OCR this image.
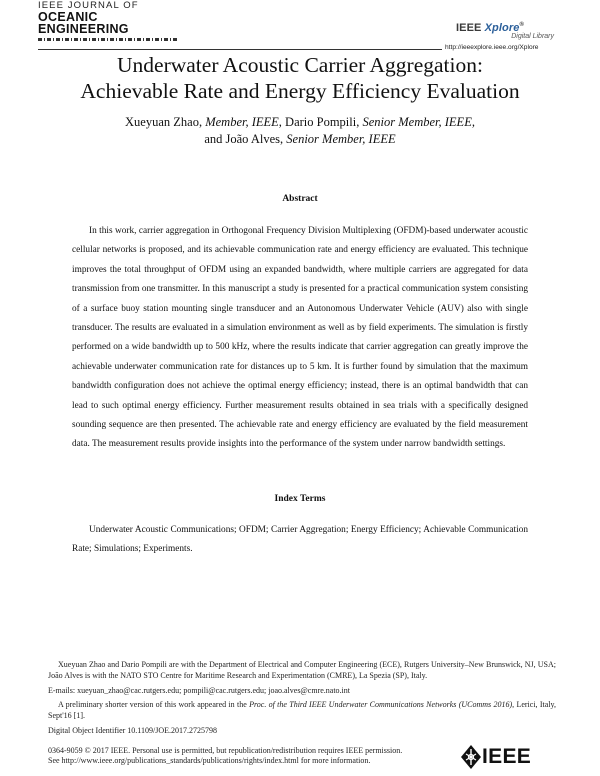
IEEE JOURNAL OF
OCEANIC
ENGINEERING	IEEE Xplore®
Digital Library
http://ieeexplore.ieee.org/Xplore
Underwater Acoustic Carrier Aggregation:
Achievable Rate and Energy Efficiency Evaluation
Xueyuan Zhao, Member, IEEE, Dario Pompili, Senior Member, IEEE,
and João Alves, Senior Member, IEEE
Abstract
In this work, carrier aggregation in Orthogonal Frequency Division Multiplexing (OFDM)-based underwater acoustic cellular networks is proposed, and its achievable communication rate and energy efficiency are evaluated. This technique improves the total throughput of OFDM using an expanded bandwidth, where multiple carriers are aggregated for data transmission from one transmitter. In this manuscript a study is presented for a practical communication system consisting of a surface buoy station mounting single transducer and an Autonomous Underwater Vehicle (AUV) also with single transducer. The results are evaluated in a simulation environment as well as by field experiments. The simulation is firstly performed on a wide bandwidth up to 500 kHz, where the results indicate that carrier aggregation can greatly improve the achievable underwater communication rate for distances up to 5 km. It is further found by simulation that the maximum bandwidth configuration does not achieve the optimal energy efficiency; instead, there is an optimal bandwidth that can lead to such optimal energy efficiency. Further measurement results obtained in sea trials with a specifically designed sounding sequence are then presented. The achievable rate and energy efficiency are evaluated by the field measurement data. The measurement results provide insights into the performance of the system under narrow bandwidth settings.
Index Terms
Underwater Acoustic Communications; OFDM; Carrier Aggregation; Energy Efficiency; Achievable Communication Rate; Simulations; Experiments.
Xueyuan Zhao and Dario Pompili are with the Department of Electrical and Computer Engineering (ECE), Rutgers University–New Brunswick, NJ, USA; João Alves is with the NATO STO Centre for Maritime Research and Experimentation (CMRE), La Spezia (SP), Italy.
E-mails: xueyuan_zhao@cac.rutgers.edu; pompili@cac.rutgers.edu; joao.alves@cmre.nato.int
A preliminary shorter version of this work appeared in the Proc. of the Third IEEE Underwater Communications Networks (UComms 2016), Lerici, Italy, Sept'16 [1].
Digital Object Identifier 10.1109/JOE.2017.2725798
0364-9059 © 2017 IEEE. Personal use is permitted, but republication/redistribution requires IEEE permission.
See http://www.ieee.org/publications_standards/publications/rights/index.html for more information.	IEEE
